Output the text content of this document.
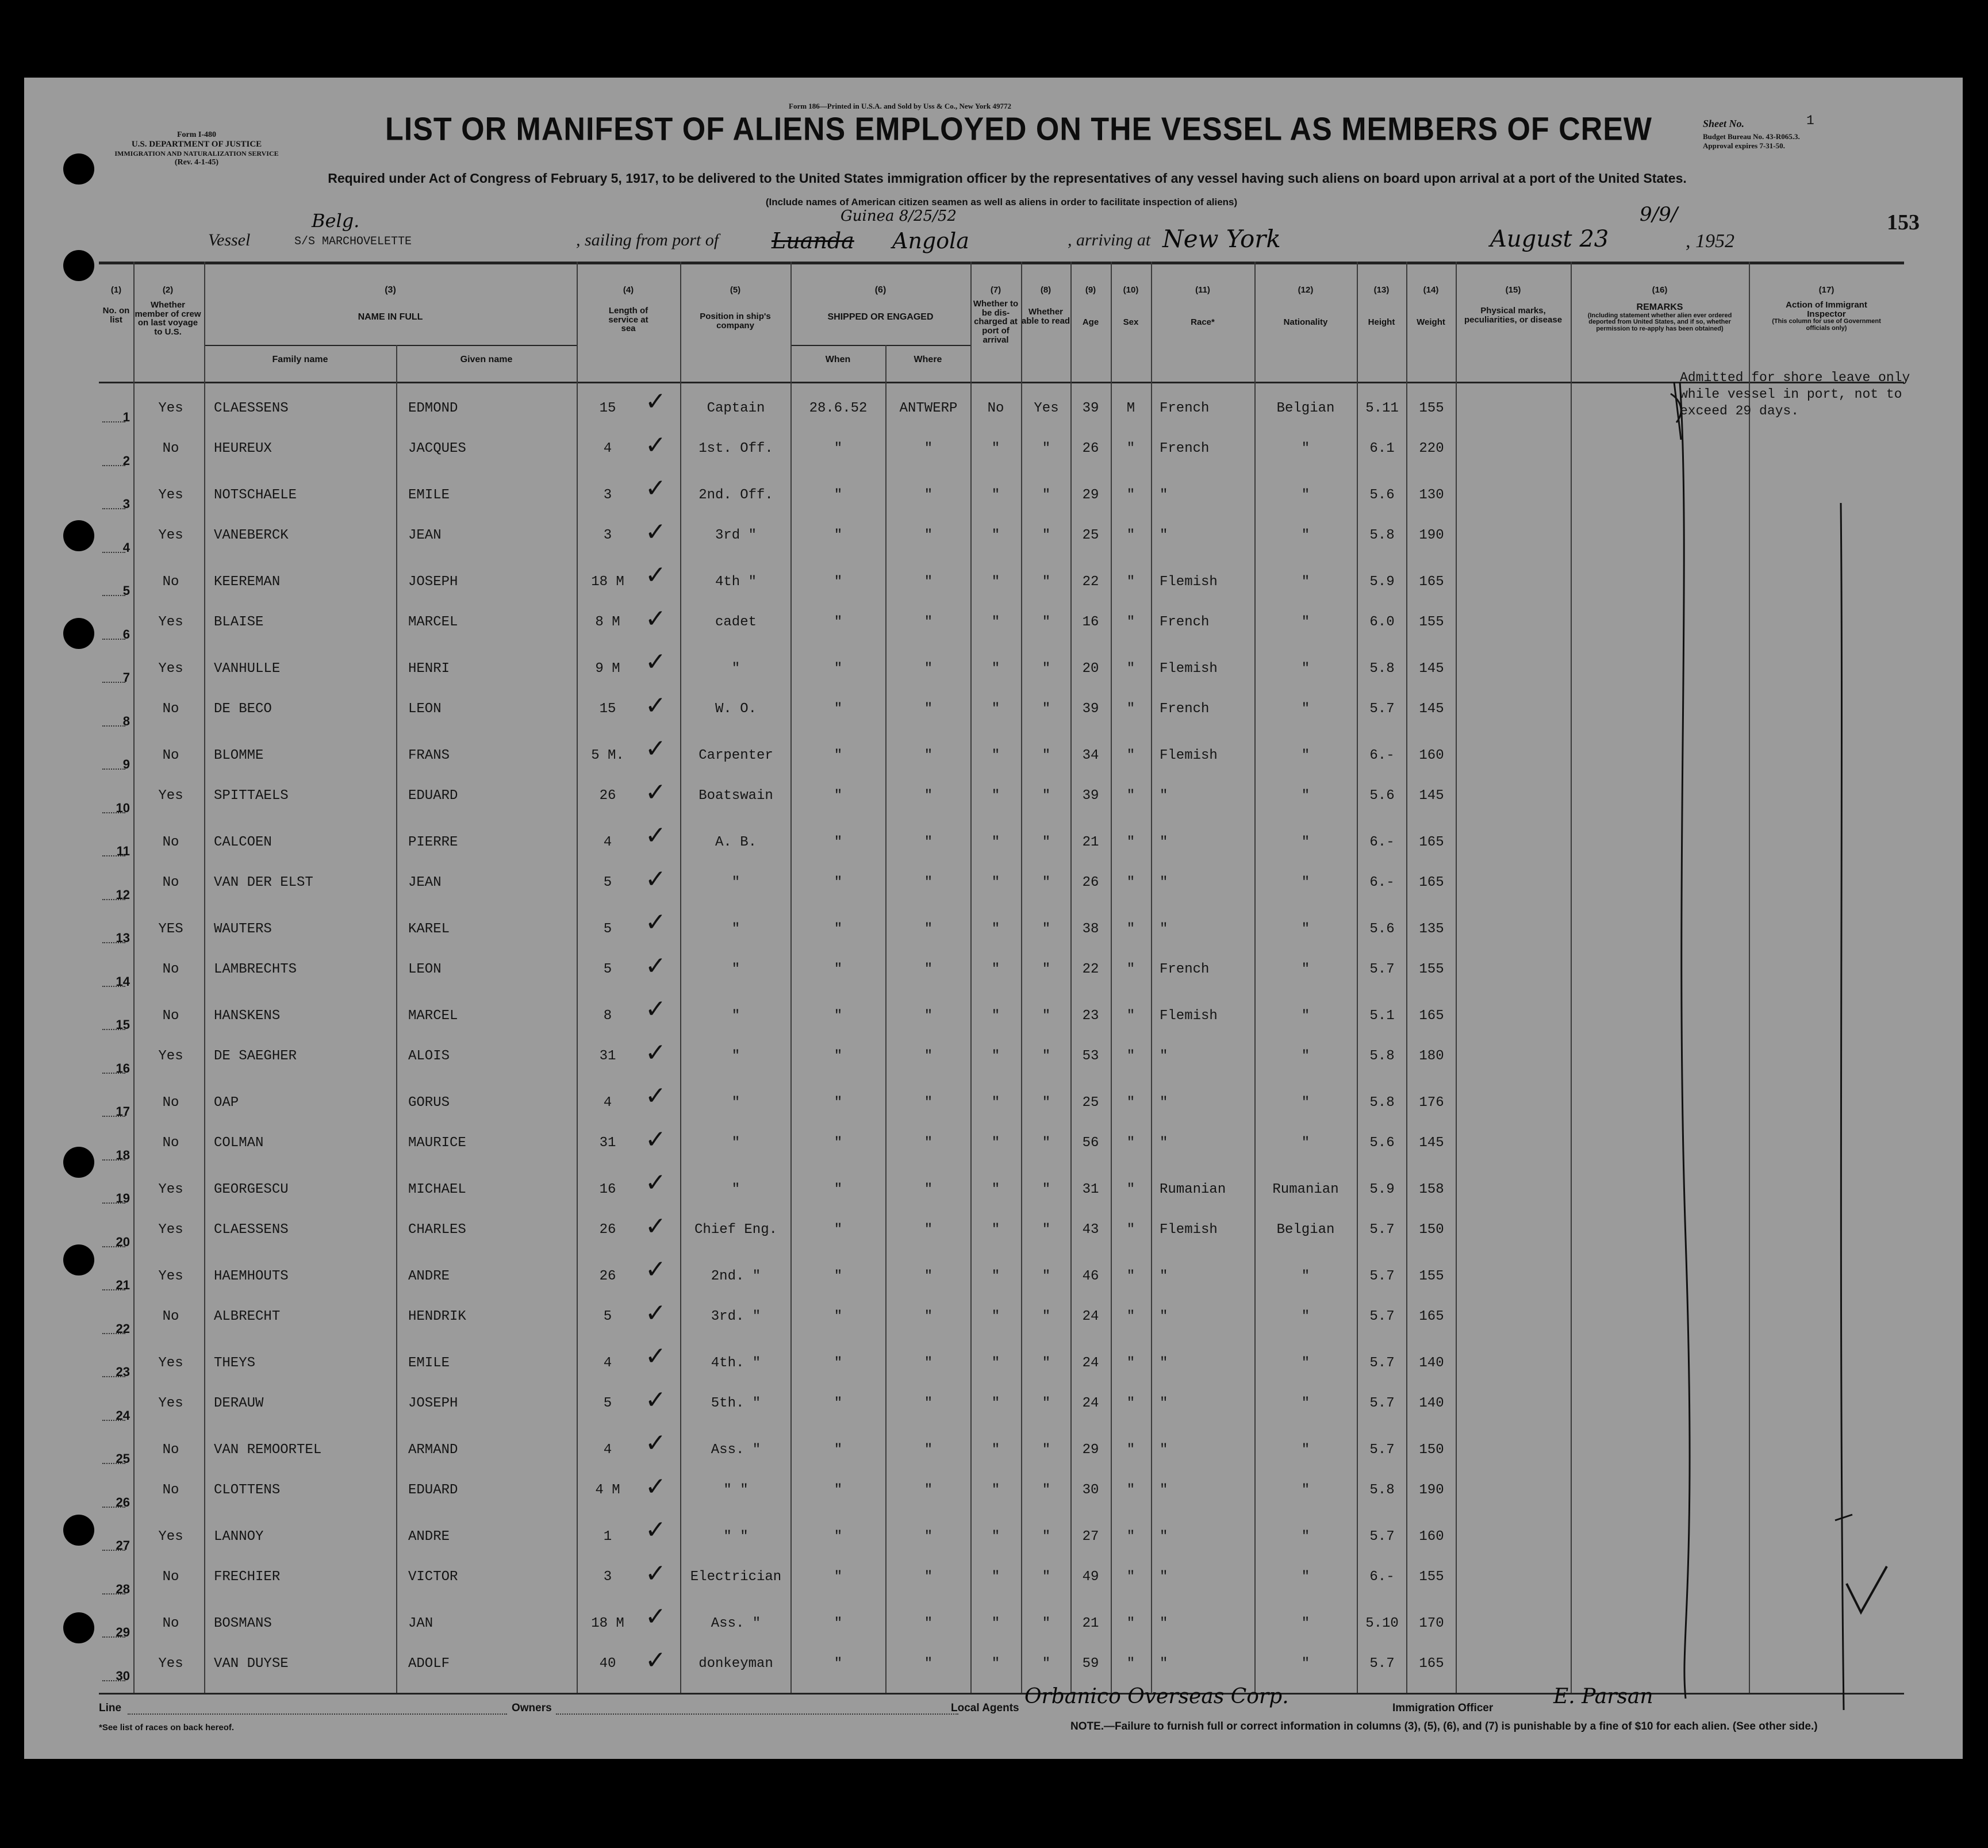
Form I-480
U.S. DEPARTMENT OF JUSTICE
IMMIGRATION AND NATURALIZATION SERVICE
(Rev. 4-1-45)
Form 186—Printed in U.S.A. and Sold by Uss & Co., New York 49772
LIST OR MANIFEST OF ALIENS EMPLOYED ON THE VESSEL AS MEMBERS OF CREW
Required under Act of Congress of February 5, 1917, to be delivered to the United States immigration officer by the representatives of any vessel having such aliens on board upon arrival at a port of the United States.
(Include names of American citizen seamen as well as aliens in order to facilitate inspection of aliens)
Sheet No.	1
Budget Bureau No. 43-R065.3.
Approval expires 7-31-50.
153
Vessel
Belg.
S/S MARCHOVELETTE	, sailing from port of Luanda
Guinea 8/25/52
Angola	, arriving at New York	August 23
9/9/
, 1952
(1)
No. on list
(2)
Whether member of crew on last voyage to U.S.
(3)
NAME IN FULL
Family name	Given name
(4)
Length of service at sea
(5)
Position in ship's company
(6)
SHIPPED OR ENGAGED
When	Where
(7)
Whether to be dis-charged at port of arrival
(8)
Whether able to read
(9)
Age
(10)
Sex
(11)
Race*
(12)
Nationality
(13)
Height
(14)
Weight
(15)
Physical marks, peculiarities, or disease
(16)
REMARKS
(Including statement whether alien ever ordered deported from United States, and if so, whether permission to re-apply has been obtained)
(17)
Action of Immigrant Inspector
(This column for use of Government officials only)
1
Yes	CLAESSENS	EDMOND	15	Captain	28.6.52	ANTWERP	No	Yes	39	M	French	Belgian	5.11	155
✓
2
No	HEUREUX	JACQUES	4	1st. Off.	"	"	"	"	26	"	French	"	6.1	220
✓
3
Yes	NOTSCHAELE	EMILE	3	2nd. Off.	"	"	"	"	29	"	"	"	5.6	130
✓
4
Yes	VANEBERCK	JEAN	3	3rd "	"	"	"	"	25	"	"	"	5.8	190
✓
5
No	KEEREMAN	JOSEPH	18 M	4th "	"	"	"	"	22	"	Flemish	"	5.9	165
✓
6
Yes	BLAISE	MARCEL	8 M	cadet	"	"	"	"	16	"	French	"	6.0	155
✓
7
Yes	VANHULLE	HENRI	9 M	"	"	"	"	"	20	"	Flemish	"	5.8	145
✓
8
No	DE BECO	LEON	15	W. O.	"	"	"	"	39	"	French	"	5.7	145
✓
9
No	BLOMME	FRANS	5 M.	Carpenter	"	"	"	"	34	"	Flemish	"	6.-	160
✓
10
Yes	SPITTAELS	EDUARD	26	Boatswain	"	"	"	"	39	"	"	"	5.6	145
✓
11
No	CALCOEN	PIERRE	4	A. B.	"	"	"	"	21	"	"	"	6.-	165
✓
12
No	VAN DER ELST	JEAN	5	"	"	"	"	"	26	"	"	"	6.-	165
✓
13
YES	WAUTERS	KAREL	5	"	"	"	"	"	38	"	"	"	5.6	135
✓
14
No	LAMBRECHTS	LEON	5	"	"	"	"	"	22	"	French	"	5.7	155
✓
15
No	HANSKENS	MARCEL	8	"	"	"	"	"	23	"	Flemish	"	5.1	165
✓
16
Yes	DE SAEGHER	ALOIS	31	"	"	"	"	"	53	"	"	"	5.8	180
✓
17
No	OAP	GORUS	4	"	"	"	"	"	25	"	"	"	5.8	176
✓
18
No	COLMAN	MAURICE	31	"	"	"	"	"	56	"	"	"	5.6	145
✓
19
Yes	GEORGESCU	MICHAEL	16	"	"	"	"	"	31	"	Rumanian	Rumanian	5.9	158
✓
20
Yes	CLAESSENS	CHARLES	26	Chief Eng.	"	"	"	"	43	"	Flemish	Belgian	5.7	150
✓
21
Yes	HAEMHOUTS	ANDRE	26	2nd. "	"	"	"	"	46	"	"	"	5.7	155
✓
22
No	ALBRECHT	HENDRIK	5	3rd. "	"	"	"	"	24	"	"	"	5.7	165
✓
23
Yes	THEYS	EMILE	4	4th. "	"	"	"	"	24	"	"	"	5.7	140
✓
24
Yes	DERAUW	JOSEPH	5	5th. "	"	"	"	"	24	"	"	"	5.7	140
✓
25
No	VAN REMOORTEL	ARMAND	4	Ass. "	"	"	"	"	29	"	"	"	5.7	150
✓
26
No	CLOTTENS	EDUARD	4 M	" "	"	"	"	"	30	"	"	"	5.8	190
✓
27
Yes	LANNOY	ANDRE	1	" "	"	"	"	"	27	"	"	"	5.7	160
✓
28
No	FRECHIER	VICTOR	3	Electrician	"	"	"	"	49	"	"	"	6.-	155
✓
29
No	BOSMANS	JAN	18 M	Ass. "	"	"	"	"	21	"	"	"	5.10	170
✓
30
Yes	VAN DUYSE	ADOLF	40	donkeyman	"	"	"	"	59	"	"	"	5.7	165
✓
Admitted for shore leave only
while vessel in port, not to
exceed 29 days.
Line	Owners	Local Agents Orbanico Overseas Corp.	Immigration Officer	E. Parsan
*See list of races on back hereof.	NOTE.—Failure to furnish full or correct information in columns (3), (5), (6), and (7) is punishable by a fine of $10 for each alien. (See other side.)
